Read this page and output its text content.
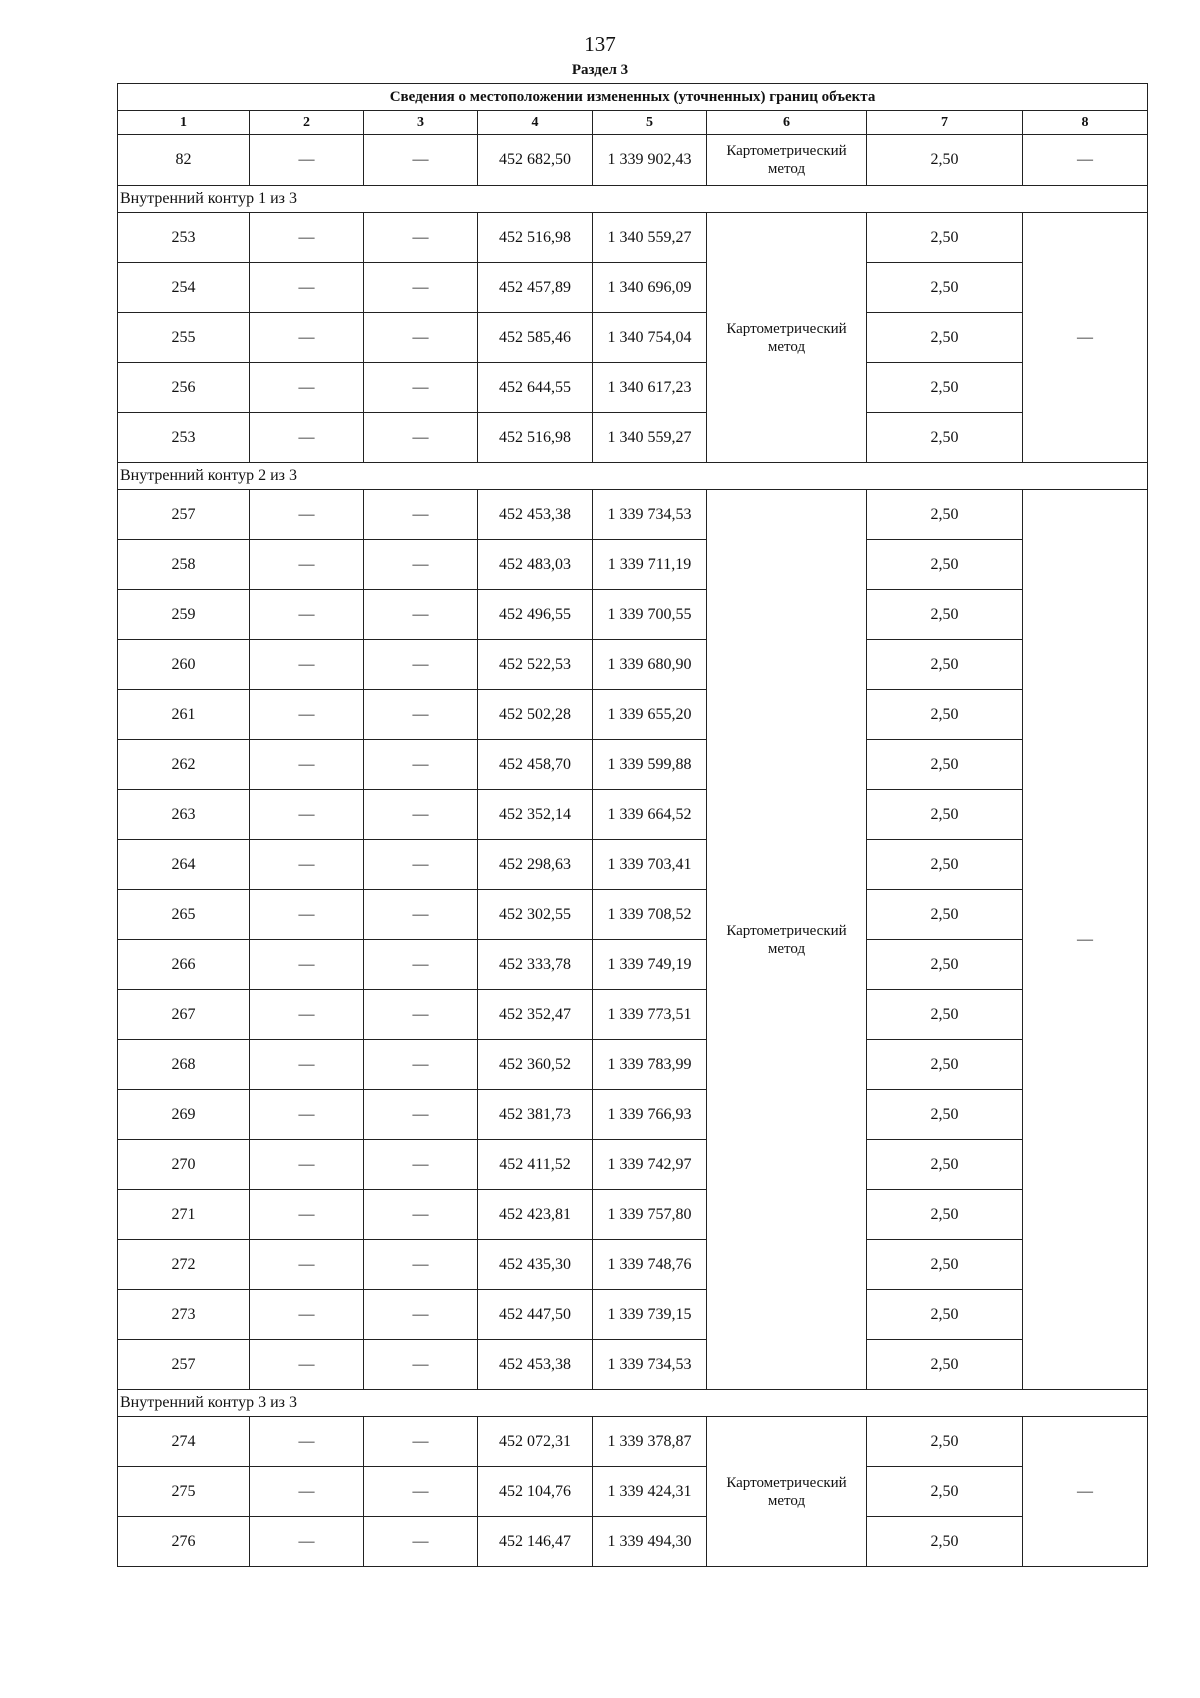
137
Раздел 3
Сведения о местоположении измененных (уточненных) границ объекта							
1	2	3	4	5	6	7	8
82	—	—	452 682,50	1 339 902,43	Картометрический метод	2,50	—
Внутренний контур 1 из 3							
253	—	—	452 516,98	1 340 559,27	Картометрический метод	2,50	—
254	—	—	452 457,89	1 340 696,09		2,50	
255	—	—	452 585,46	1 340 754,04		2,50	
256	—	—	452 644,55	1 340 617,23		2,50	
253	—	—	452 516,98	1 340 559,27		2,50	
Внутренний контур 2 из 3							
257	—	—	452 453,38	1 339 734,53	Картометрический метод	2,50	—
258	—	—	452 483,03	1 339 711,19		2,50	
259	—	—	452 496,55	1 339 700,55		2,50	
260	—	—	452 522,53	1 339 680,90		2,50	
261	—	—	452 502,28	1 339 655,20		2,50	
262	—	—	452 458,70	1 339 599,88		2,50	
263	—	—	452 352,14	1 339 664,52		2,50	
264	—	—	452 298,63	1 339 703,41		2,50	
265	—	—	452 302,55	1 339 708,52		2,50	
266	—	—	452 333,78	1 339 749,19		2,50	
267	—	—	452 352,47	1 339 773,51		2,50	
268	—	—	452 360,52	1 339 783,99		2,50	
269	—	—	452 381,73	1 339 766,93		2,50	
270	—	—	452 411,52	1 339 742,97		2,50	
271	—	—	452 423,81	1 339 757,80		2,50	
272	—	—	452 435,30	1 339 748,76		2,50	
273	—	—	452 447,50	1 339 739,15		2,50	
257	—	—	452 453,38	1 339 734,53		2,50	
Внутренний контур 3 из 3							
274	—	—	452 072,31	1 339 378,87	Картометрический метод	2,50	—
275	—	—	452 104,76	1 339 424,31		2,50	
276	—	—	452 146,47	1 339 494,30		2,50	
